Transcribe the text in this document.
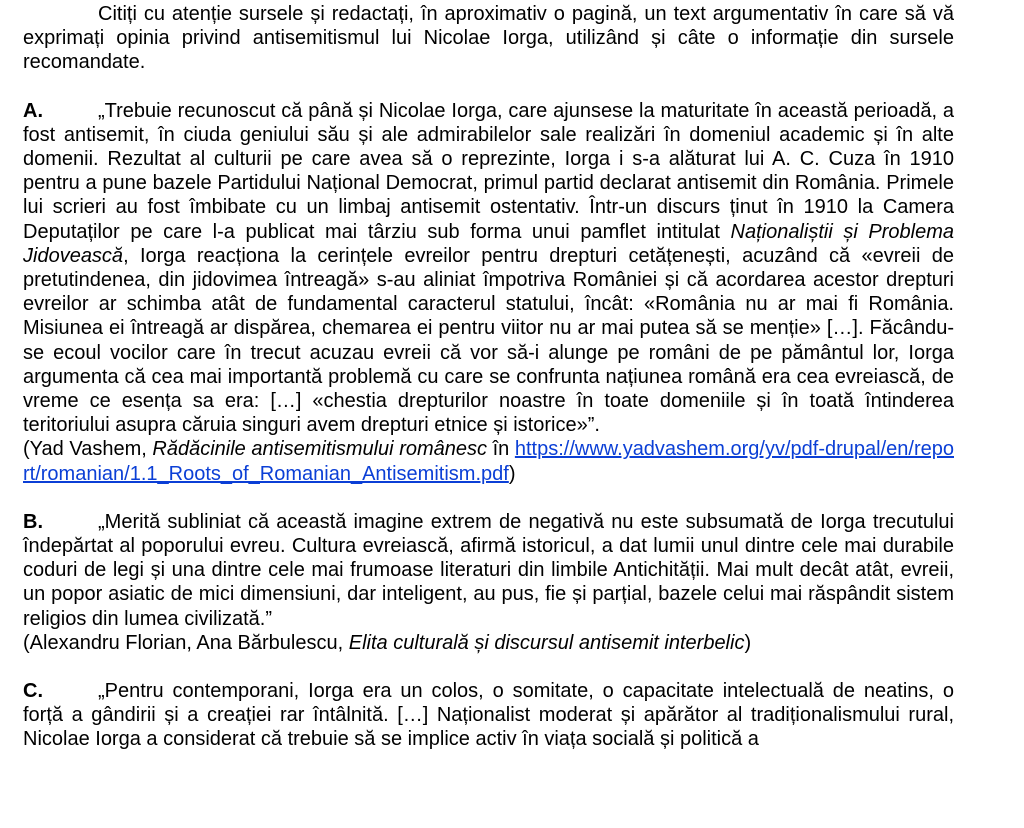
Citiți cu atenție sursele și redactați, în aproximativ o pagină, un text argumentativ în care să vă exprimați opinia privind antisemitismul lui Nicolae Iorga, utilizând și câte o informație din sursele recomandate.

A.	„Trebuie recunoscut că până și Nicolae Iorga, care ajunsese la maturitate în această perioadă, a fost antisemit, în ciuda geniului său și ale admirabilelor sale realizări în domeniul academic și în alte domenii. Rezultat al culturii pe care avea să o reprezinte, Iorga i s-a alăturat lui A. C. Cuza în 1910 pentru a pune bazele Partidului Național Democrat, primul partid declarat antisemit din România. Primele lui scrieri au fost îmbibate cu un limbaj antisemit ostentativ. Într-un discurs ținut în 1910 la Camera Deputaților pe care l-a publicat mai târziu sub forma unui pamflet intitulat Naționaliștii și Problema Jidovească, Iorga reacționa la cerințele evreilor pentru drepturi cetățenești, acuzând că «evreii de pretutindenea, din jidovimea întreagă» s-au aliniat împotriva României și că acordarea acestor drepturi evreilor ar schimba atât de fundamental caracterul statului, încât: «România nu ar mai fi România. Misiunea ei întreagă ar dispărea, chemarea ei pentru viitor nu ar mai putea să se menție» […]. Făcându-se ecoul vocilor care în trecut acuzau evreii că vor să-i alunge pe români de pe pământul lor, Iorga argumenta că cea mai importantă problemă cu care se confrunta națiunea română era cea evreiască, de vreme ce esența sa era: […] «chestia drepturilor noastre în toate domeniile și în toată întinderea teritoriului asupra căruia singuri avem drepturi etnice și istorice»”.

(Yad Vashem, Rădăcinile antisemitismului românesc în https://www.yadvashem.org/yv/pdf-drupal/en/report/romanian/1.1_Roots_of_Romanian_Antisemitism.pdf)

B.	„Merită subliniat că această imagine extrem de negativă nu este subsumată de Iorga trecutului îndepărtat al poporului evreu. Cultura evreiască, afirmă istoricul, a dat lumii unul dintre cele mai durabile coduri de legi și una dintre cele mai frumoase literaturi din limbile Antichității. Mai mult decât atât, evreii, un popor asiatic de mici dimensiuni, dar inteligent, au pus, fie și parțial, bazele celui mai răspândit sistem religios din lumea civilizată.”

(Alexandru Florian, Ana Bărbulescu, Elita culturală și discursul antisemit interbelic)

C.	„Pentru contemporani, Iorga era un colos, o somitate, o capacitate intelectuală de neatins, o forță a gândirii și a creației rar întâlnită. […] Naționalist moderat și apărător al tradiționalismului rural, Nicolae Iorga a considerat că trebuie să se implice activ în viața socială și politică a
